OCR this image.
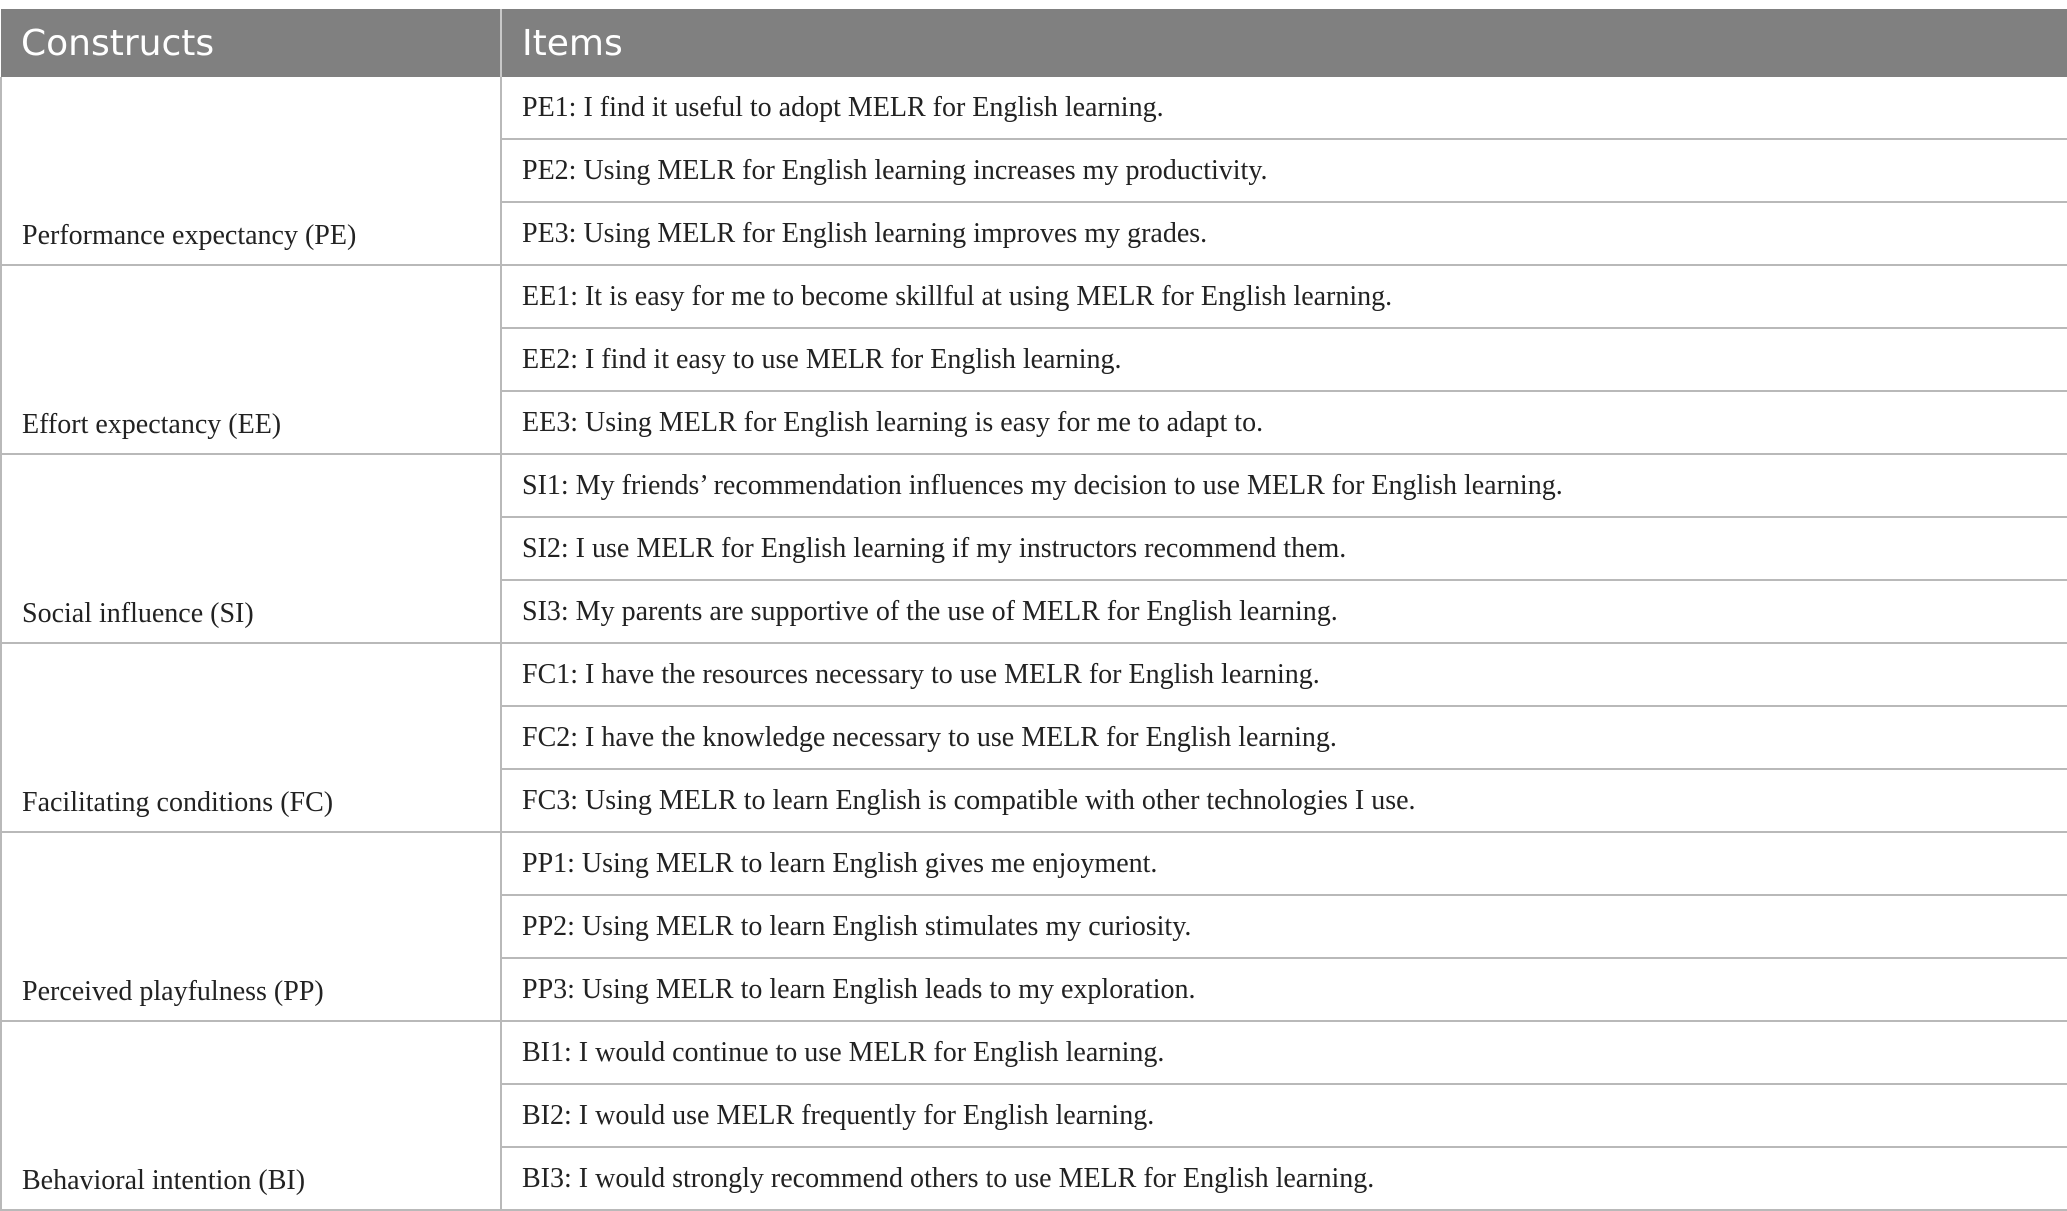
Constructs	Items
Performance expectancy (PE)	PE1: I find it useful to adopt MELR for English learning.
	PE2: Using MELR for English learning increases my productivity.
	PE3: Using MELR for English learning improves my grades.
Effort expectancy (EE)	EE1: It is easy for me to become skillful at using MELR for English learning.
	EE2: I find it easy to use MELR for English learning.
	EE3: Using MELR for English learning is easy for me to adapt to.
Social influence (SI)	SI1: My friends’ recommendation influences my decision to use MELR for English learning.
	SI2: I use MELR for English learning if my instructors recommend them.
	SI3: My parents are supportive of the use of MELR for English learning.
Facilitating conditions (FC)	FC1: I have the resources necessary to use MELR for English learning.
	FC2: I have the knowledge necessary to use MELR for English learning.
	FC3: Using MELR to learn English is compatible with other technologies I use.
Perceived playfulness (PP)	PP1: Using MELR to learn English gives me enjoyment.
	PP2: Using MELR to learn English stimulates my curiosity.
	PP3: Using MELR to learn English leads to my exploration.
Behavioral intention (BI)	BI1: I would continue to use MELR for English learning.
	BI2: I would use MELR frequently for English learning.
	BI3: I would strongly recommend others to use MELR for English learning.
